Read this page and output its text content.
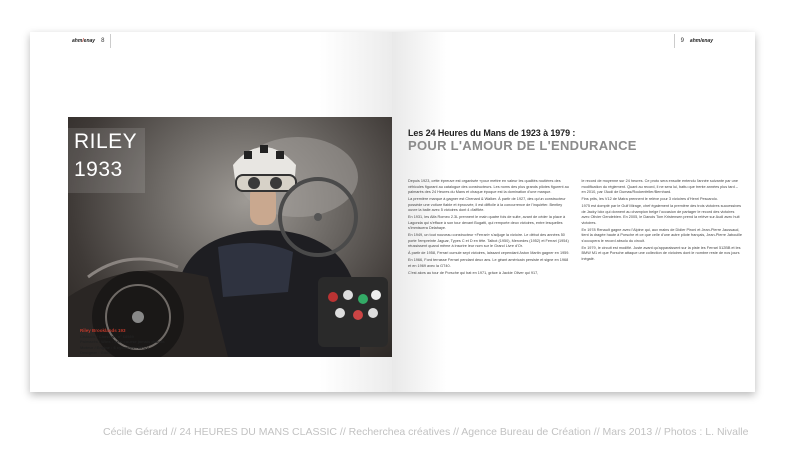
ahm/enay 8
RILEY
1933
Riley Brooklands 193
Châssis / Chassis : n° 68989
Palmarès / Wins : 1ère course jamais débuta
Moteur / Engine : 6 cylindres / 85 CV
Designer : Gibb.
9 ahm/enay
Les 24 Heures du Mans de 1923 à 1979 :
POUR L'AMOUR DE L'ENDURANCE

Depuis 1923, cette épreuve est organisée «pour mettre en valeur les qualités routières des véhicules figurant au catalogue des constructeurs. Les noms des plus grands pilotes figurent au palmarès des 24 Heures du Mans et chaque époque est la domination d'une marque.

La première marque à gagner est Chenard & Walker. À partir de 1927, des qu'un constructeur possède une voiture fiable et éprouvée, il est difficile à la concurrence de l'inquiéter. Bentley ouvre la balle avec 5 victoires dont 4 d'affilée.

En 1931, les Alfa Romeo 2.3L prennent le main quatre fois de suite, avant de céder la place à Lagonda qui s'efface à son tour devant Bugatti, qui remporte deux victoires, entre lesquelles s'immiscera Delahaye.

En 1949, un tout nouveau constructeur «Ferrari» s'adjuge la victoire. Le début des années 50 porte l'empreinte Jaguar, Types C et D en tête. Talbot (1950), Mercedes (1952) et Ferrari (1954) réussissent quand même à inscrire leur nom sur le Grand Livre d'Or.

À partir de 1958, Ferrari cumule sept victoires, laissant cependant Aston Martin gagner en 1959.

En 1966, Ford terrasse Ferrari pendant deux ans. Le géant américain persiste et signe en 1968 et en 1969 avec la GT40.

C'est alors au tour de Porsche qui bat en 1971, grâce à Jackie Oliver qui 917,

le record de moyenne sur 24 heures. Ce proto sera ensuite entendu l'année suivante par une modification du règlement. Quant au record, il ne sera lui, battu que trente années plus tard – en 2010, par l'Audi de Dumas/Rockenfeller/Bernhard.

Fins prits, les V12 de Matra prennent le relève pour 3 victoires d'Henri Pescarolo.

1975 est dompté par le Gulf Mirage, chef également la première des trois victoires successives de Jacky Ickx qui donnent au champion belge l'occasion de partager le record des victoires avec Olivier Gendebien. En 2005, le Danois Tom Kristensen prend la relève sur Audi avec huit victoires.

En 1978 Renault gagne avec l'Alpine qui, aux mains de Didier Pironi et Jean-Pierre Jaussaud, tient la dragée haute à Porsche et ce que celle d'une autre pilote français, Jean-Pierre Jabouille s'occupera le record absolu du circuit.

En 1979, le circuit est modifié. Juste avant qu'apparaissent sur la piste les Ferrari 512BB et les BMW M1 et que Porsche attaque une collection de victoires dont le nombre reste de nos jours inégalé.

Cécile Gérard // 24 HEURES DU MANS CLASSIC // Recherchea créatives // Agence Bureau de Création // Mars 2013 // Photos : L. Nivalle
